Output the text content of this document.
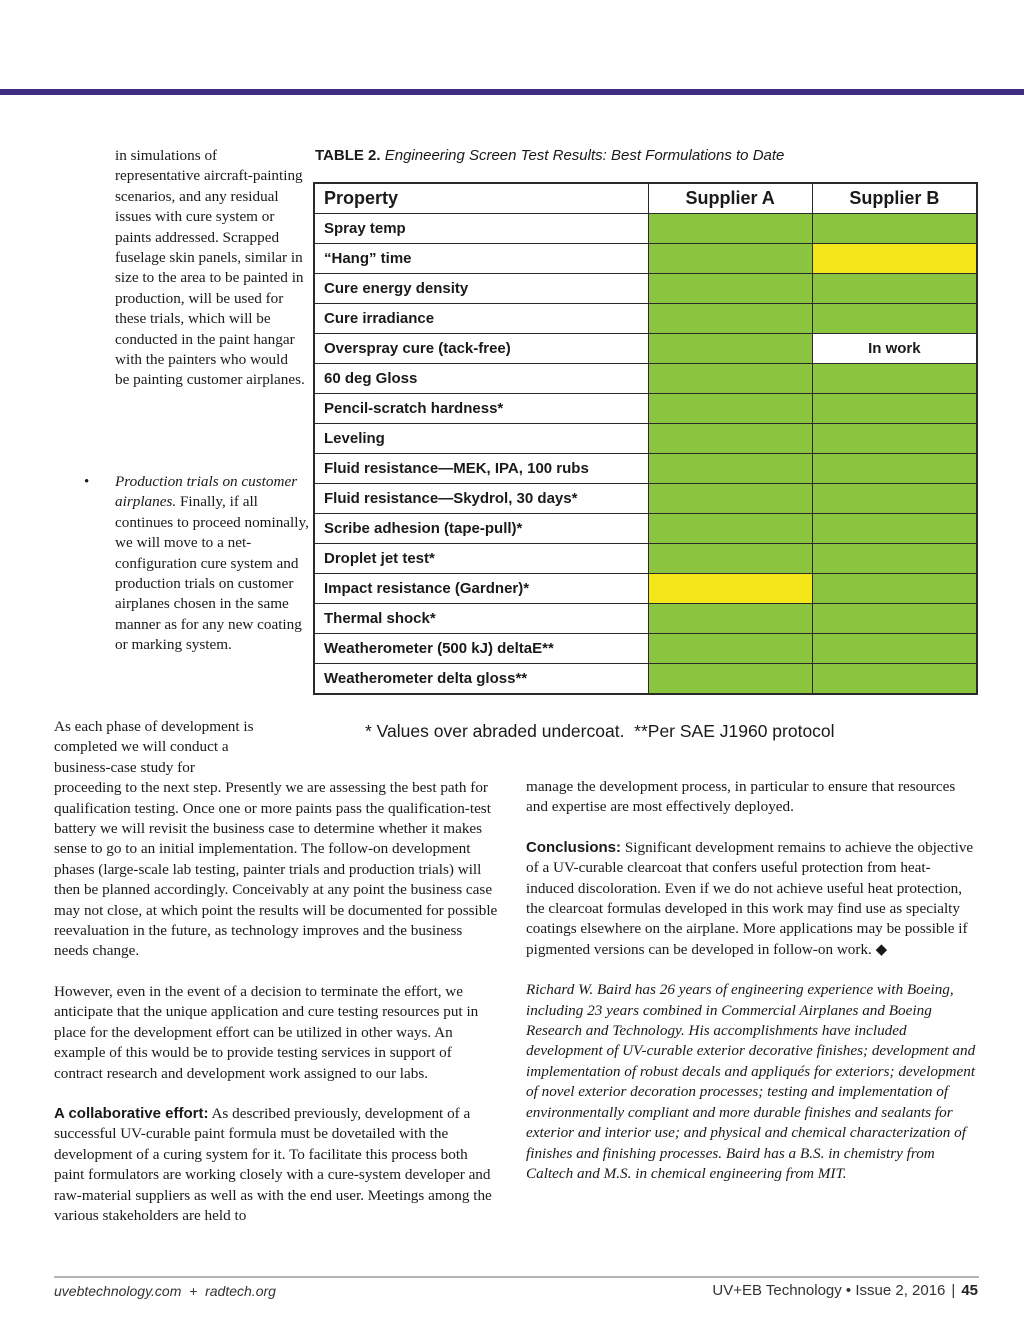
in simulations of representative aircraft-painting scenarios, and any residual issues with cure system or paints addressed. Scrapped fuselage skin panels, similar in size to the area to be painted in production, will be used for these trials, which will be conducted in the paint hangar with the painters who would be painting customer airplanes.
• Production trials on customer airplanes. Finally, if all continues to proceed nominally, we will move to a net-configuration cure system and production trials on customer airplanes chosen in the same manner as for any new coating or marking system.
TABLE 2. Engineering Screen Test Results: Best Formulations to Date
Property	Supplier A	Supplier B
Spray temp		
“Hang” time		
Cure energy density		
Cure irradiance		
Overspray cure (tack-free)		In work
60 deg Gloss		
Pencil-scratch hardness*		
Leveling		
Fluid resistance—MEK, IPA, 100 rubs		
Fluid resistance—Skydrol, 30 days*		
Scribe adhesion (tape-pull)*		
Droplet jet test*		
Impact resistance (Gardner)*		
Thermal shock*		
Weatherometer (500 kJ) deltaE**		
Weatherometer delta gloss**		
* Values over abraded undercoat.  **Per SAE J1960 protocol

As each phase of development is completed we will conduct a business-case study for

proceeding to the next step. Presently we are assessing the best path for qualification testing. Once one or more paints pass the qualification-test battery we will revisit the business case to determine whether it makes sense to go to an initial implementation. The follow-on development phases (large-scale lab testing, painter trials and production trials) will then be planned accordingly. Conceivably at any point the business case may not close, at which point the results will be documented for possible reevaluation in the future, as technology improves and the business needs change.

However, even in the event of a decision to terminate the effort, we anticipate that the unique application and cure testing resources put in place for the development effort can be utilized in other ways. An example of this would be to provide testing services in support of contract research and development work assigned to our labs.

A collaborative effort: As described previously, development of a successful UV-curable paint formula must be dovetailed with the development of a curing system for it. To facilitate this process both paint formulators are working closely with a cure-system developer and raw-material suppliers as well as with the end user. Meetings among the various stakeholders are held to

manage the development process, in particular to ensure that resources and expertise are most effectively deployed.

Conclusions: Significant development remains to achieve the objective of a UV-curable clearcoat that confers useful protection from heat-induced discoloration. Even if we do not achieve useful heat protection, the clearcoat formulas developed in this work may find use as specialty coatings elsewhere on the airplane. More applications may be possible if pigmented versions can be developed in follow-on work. ◆

Richard W. Baird has 26 years of engineering experience with Boeing, including 23 years combined in Commercial Airplanes and Boeing Research and Technology. His accomplishments have included development of UV-curable exterior decorative finishes; development and implementation of robust decals and appliqués for exteriors; development of novel exterior decoration processes; testing and implementation of environmentally compliant and more durable finishes and sealants for exterior and interior use; and physical and chemical characterization of finishes and finishing processes. Baird has a B.S. in chemistry from Caltech and M.S. in chemical engineering from MIT.

uvebtechnology.com  +  radtech.org	UV+EB Technology • Issue 2, 2016 | 45
